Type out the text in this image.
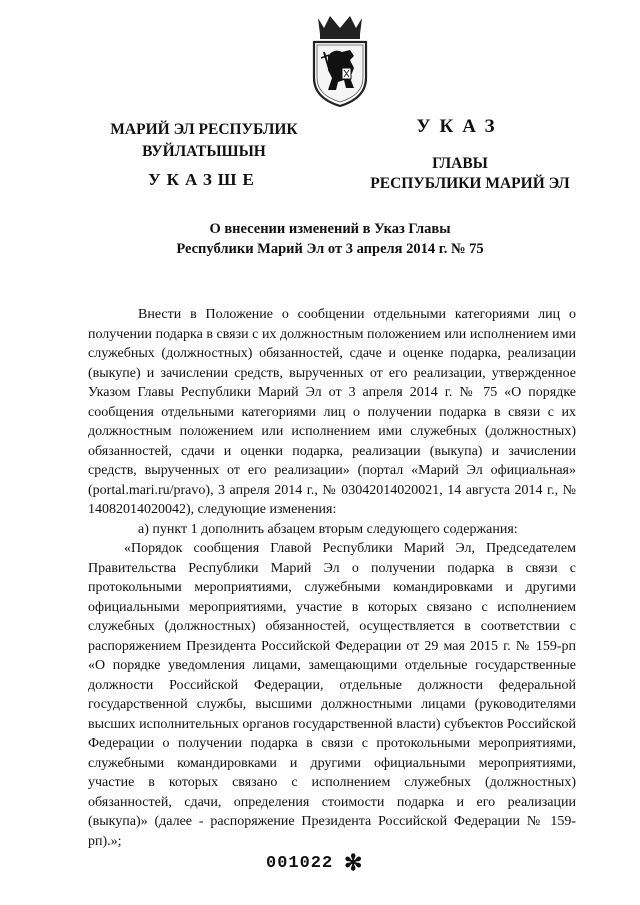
МАРИЙ ЭЛ РЕСПУБЛИК
ВУЙЛАТЫШЫН
УКАЗШЕ
УКАЗ
ГЛАВЫ
РЕСПУБЛИКИ МАРИЙ ЭЛ
О внесении изменений в Указ Главы
Республики Марий Эл от 3 апреля 2014 г. № 75

Внести в Положение о сообщении отдельными категориями лиц о получении подарка в связи с их должностным положением или исполнением ими служебных (должностных) обязанностей, сдаче и оценке подарка, реализации (выкупе) и зачислении средств, вырученных от его реализации, утвержденное Указом Главы Республики Марий Эл от 3 апреля 2014 г. № 75 «О порядке сообщения отдельными категориями лиц о получении подарка в связи с их должностным положением или исполнением ими служебных (должностных) обязанностей, сдачи и оценки подарка, реализации (выкупа) и зачислении средств, вырученных от его реализации» (портал «Марий Эл официальная» (portal.mari.ru/pravo), 3 апреля 2014 г., № 03042014020021, 14 августа 2014 г., № 14082014020042), следующие изменения:

а) пункт 1 дополнить абзацем вторым следующего содержания:

«Порядок сообщения Главой Республики Марий Эл, Председателем Правительства Республики Марий Эл о получении подарка в связи с протокольными мероприятиями, служебными командировками и другими официальными мероприятиями, участие в которых связано с исполнением служебных (должностных) обязанностей, осуществляется в соответствии с распоряжением Президента Российской Федерации от 29 мая 2015 г. № 159-рп «О порядке уведомления лицами, замещающими отдельные государственные должности Российской Федерации, отдельные должности федеральной государственной службы, высшими должностными лицами (руководителями высших исполнительных органов государственной власти) субъектов Российской Федерации о получении подарка в связи с протокольными мероприятиями, служебными командировками и другими официальными мероприятиями, участие в которых связано с исполнением служебных (должностных) обязанностей, сдачи, определения стоимости подарка и его реализации (выкупа)» (далее - распоряжение Президента Российской Федерации № 159-рп).»;

001022 ✻
